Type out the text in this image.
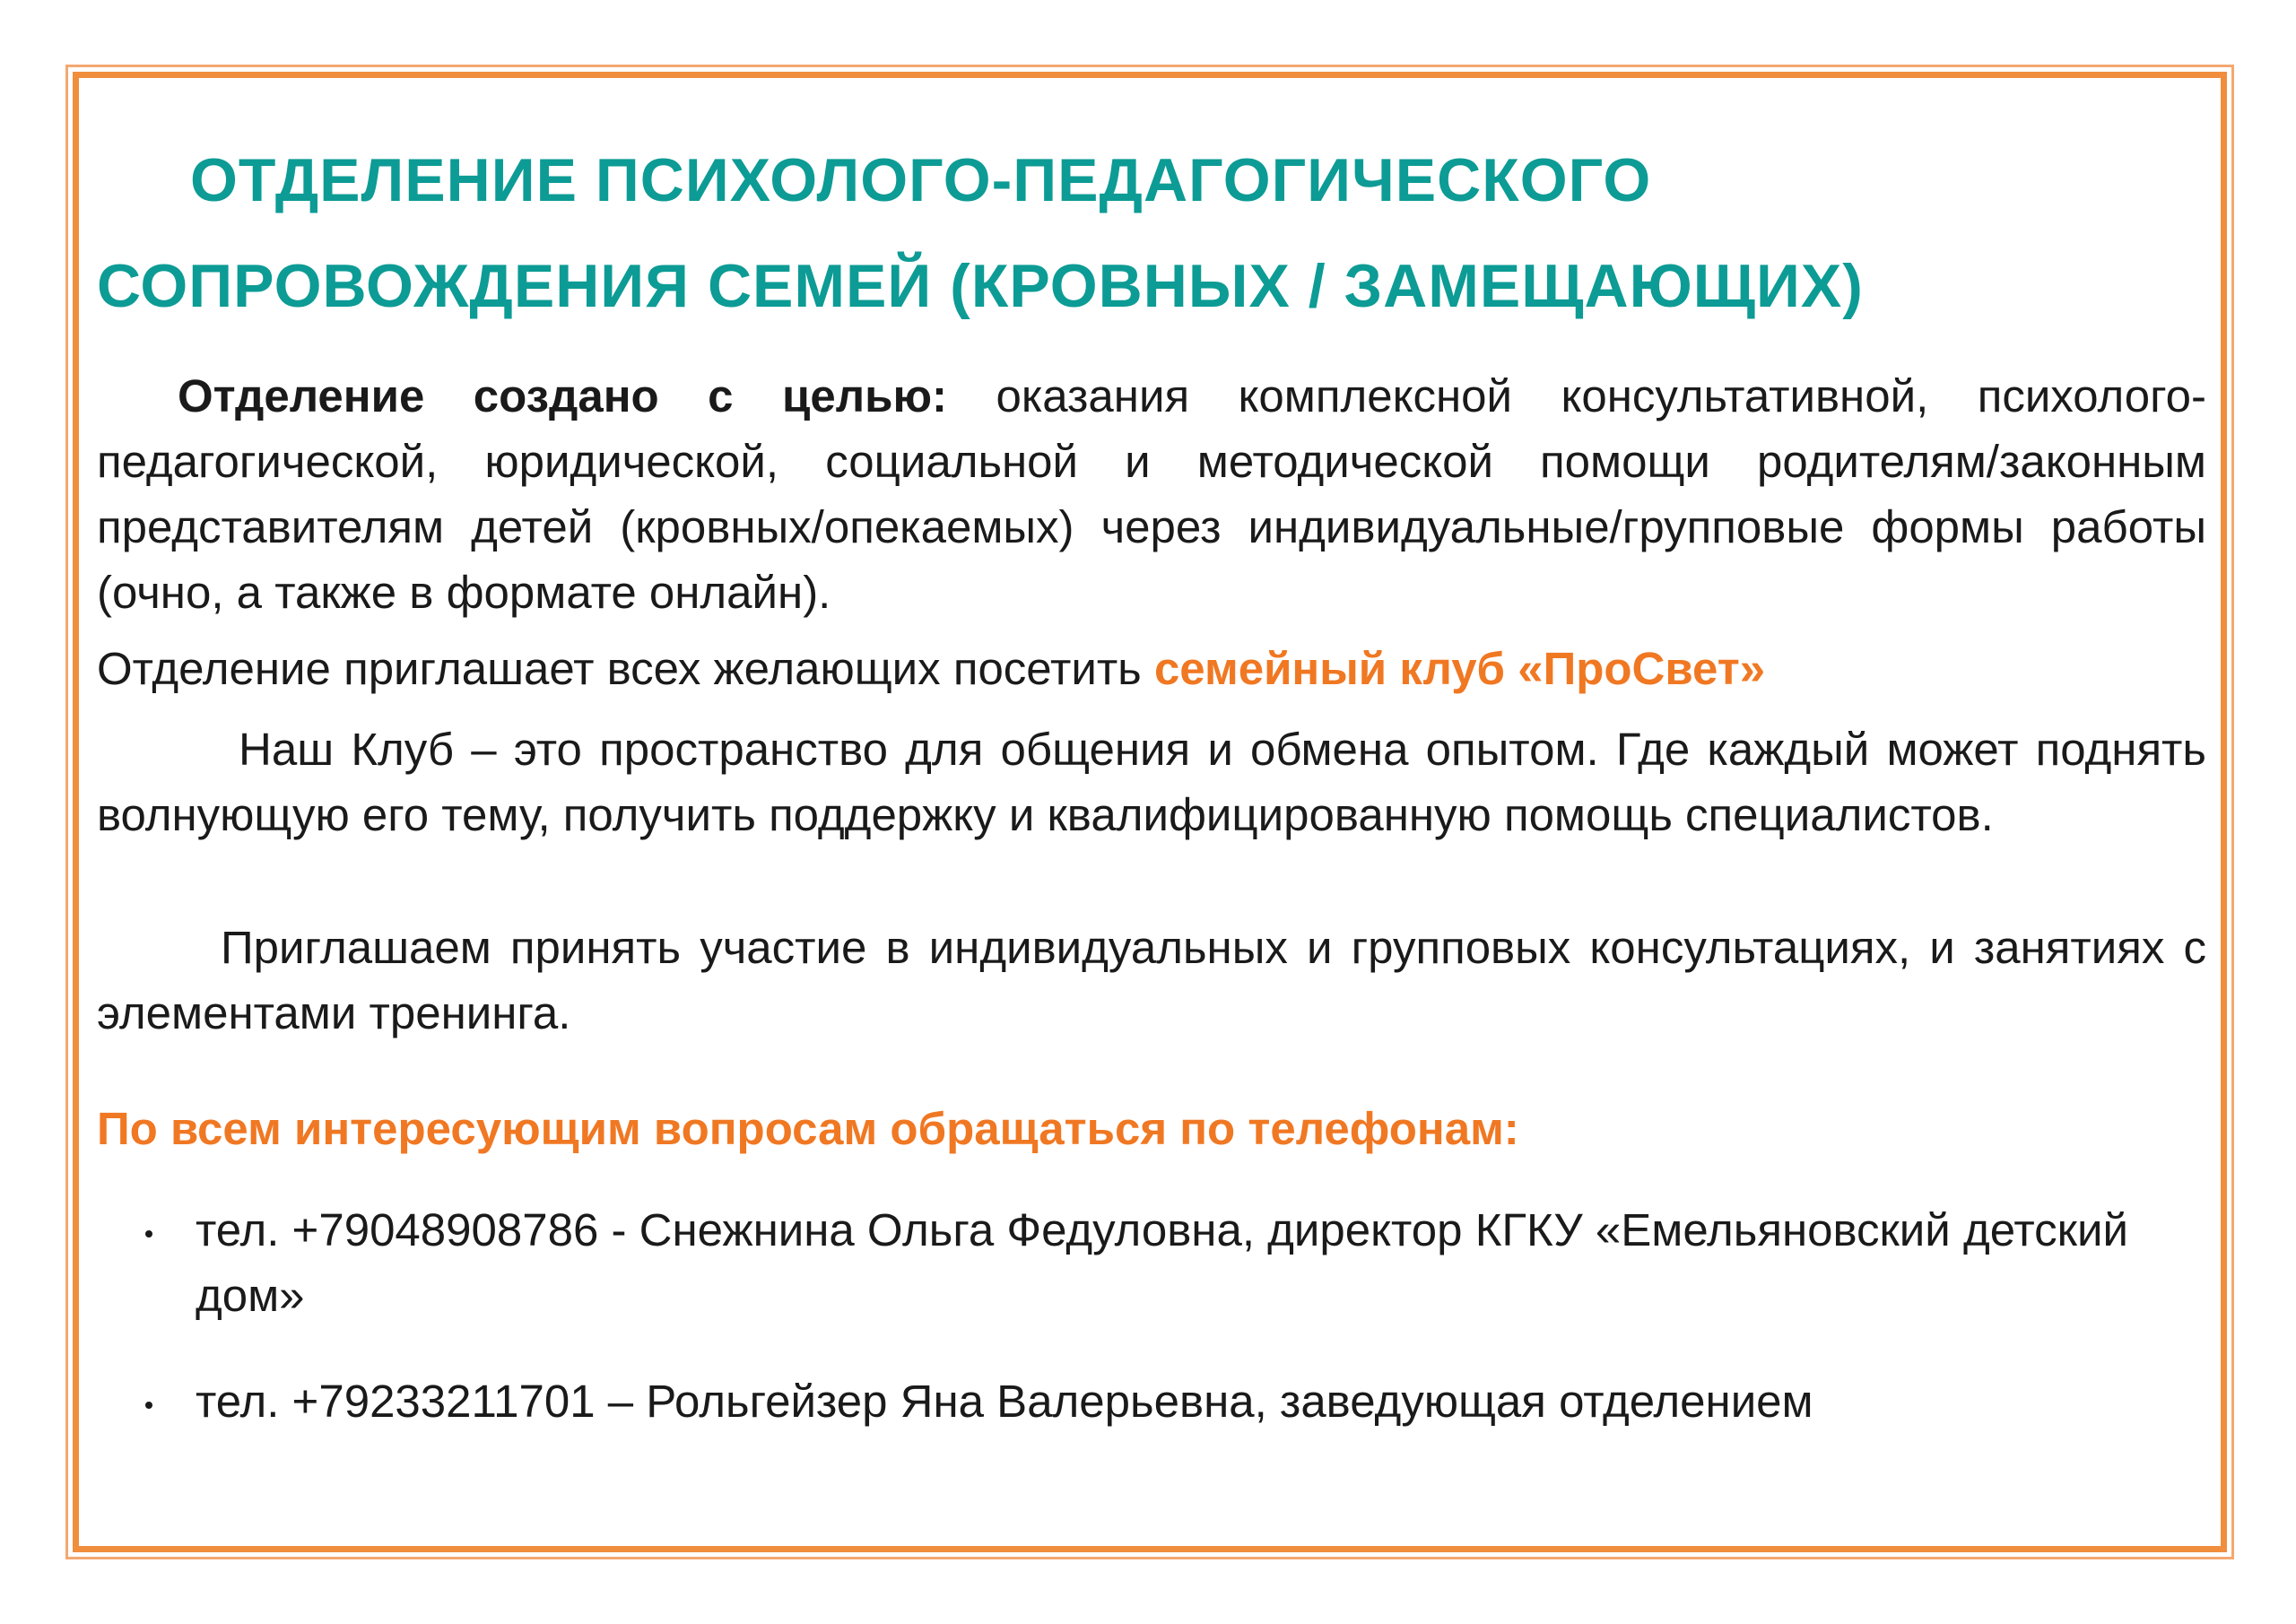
ОТДЕЛЕНИЕ ПСИХОЛОГО-ПЕДАГОГИЧЕСКОГО
СОПРОВОЖДЕНИЯ СЕМЕЙ (КРОВНЫХ / ЗАМЕЩАЮЩИХ)

Отделение создано с целью: оказания комплексной консультативной, психолого-педагогической, юридической, социальной и методической помощи родителям/законным представителям детей (кровных/опекаемых) через индивидуальные/групповые формы работы (очно, а также в формате онлайн).

Отделение приглашает всех желающих посетить семейный клуб «ПроСвет»

Наш Клуб – это пространство для общения и обмена опытом. Где каждый может поднять волнующую его тему, получить поддержку и квалифицированную помощь специалистов.

Приглашаем принять участие в индивидуальных и групповых консультациях, и занятиях с элементами тренинга.

По всем интересующим вопросам обращаться по телефонам:

тел. +79048908786 - Снежнина Ольга Федуловна, директор КГКУ «Емельяновский детский дом»
тел. +79233211701 – Рольгейзер Яна Валерьевна, заведующая отделением
